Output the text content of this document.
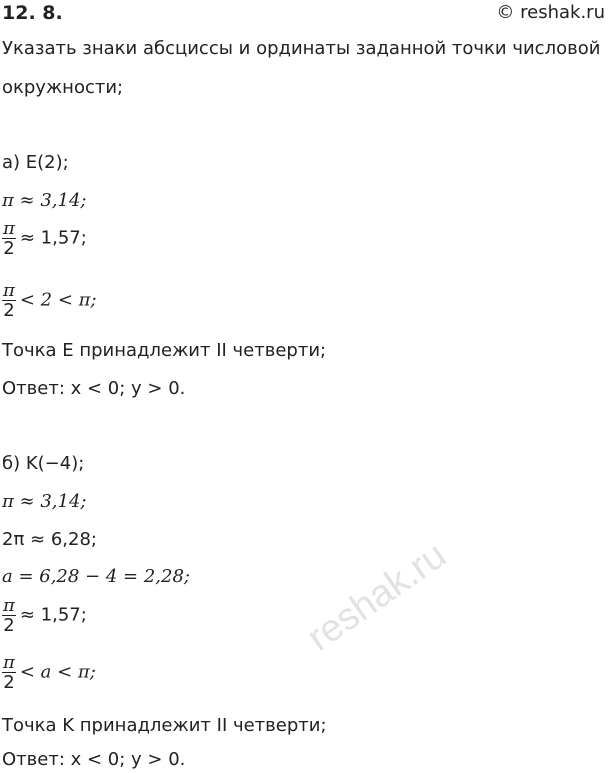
12. 8.	© reshak.ru
Указать знаки абсциссы и ординаты заданной точки числовой
окружности;
а) E(2);
π ≈ 3,14;
$\frac{\pi}{2} \approx 1,57$;
$\frac{\pi}{2} < 2 < \pi$;
Точка E принадлежит II четверти;
Ответ: x < 0; y > 0.
б) K(−4);
π ≈ 3,14;
2π ≈ 6,28;
a = 6,28 − 4 = 2,28;
$\frac{\pi}{2} \approx 1,57$;
$\frac{\pi}{2} < a < \pi$;
Точка K принадлежит II четверти;
Ответ: x < 0; y > 0.
reshak.ru
